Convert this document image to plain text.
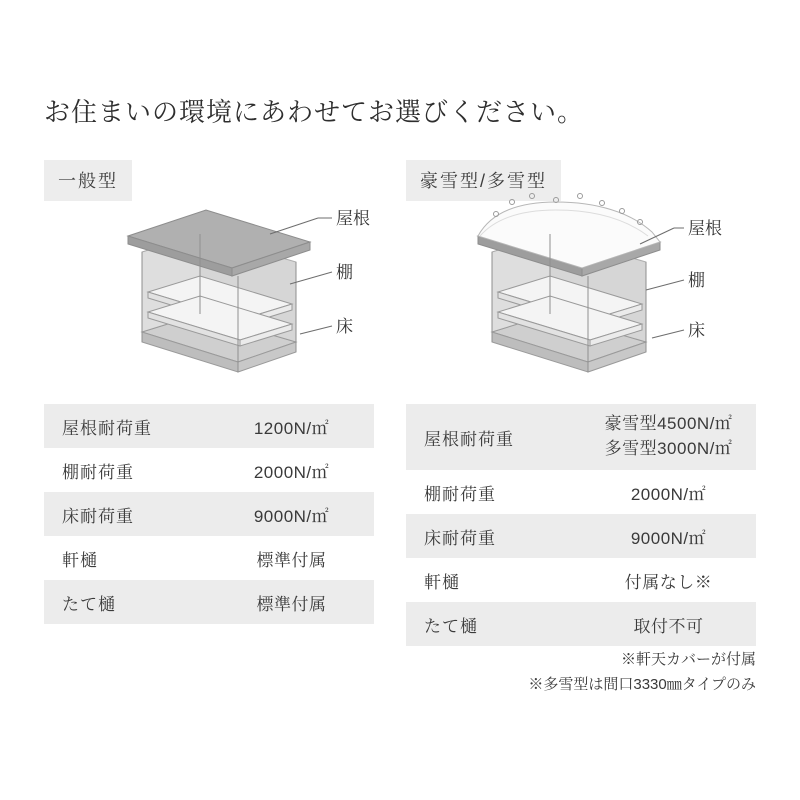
お住まいの環境にあわせてお選びください。
一般型
屋根
棚
床
屋根耐荷重	1200N/㎡
棚耐荷重	2000N/㎡
床耐荷重	9000N/㎡
軒樋	標準付属
たて樋	標準付属
豪雪型/多雪型
屋根
棚
床
屋根耐荷重	豪雪型4500N/㎡
多雪型3000N/㎡

棚耐荷重	2000N/㎡
床耐荷重	9000N/㎡
軒樋	付属なし※
たて樋	取付不可
※軒天カバーが付属
※多雪型は間口3330㎜タイプのみ
